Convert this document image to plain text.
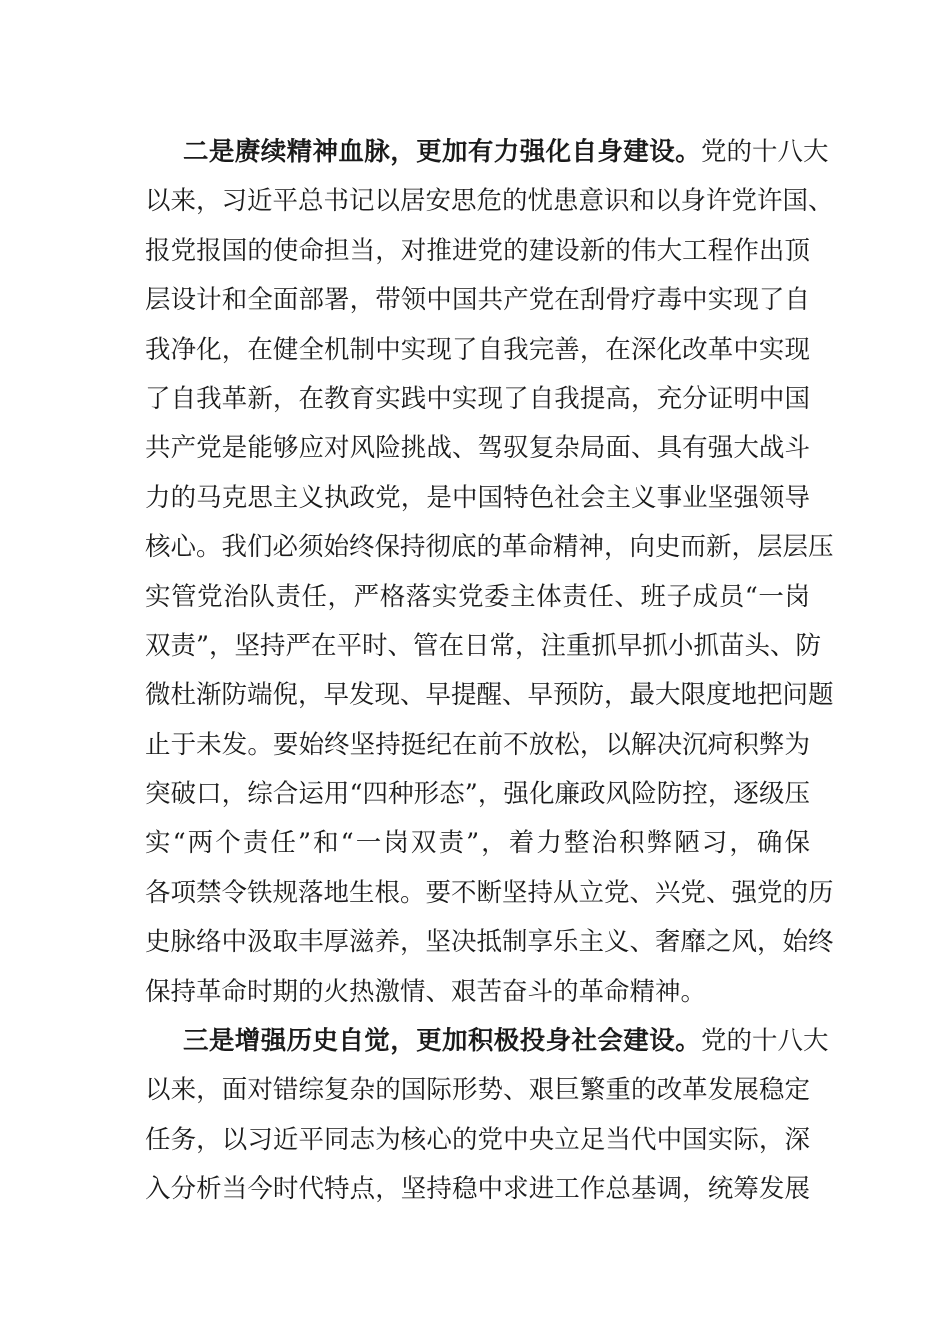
二是赓续精神血脉，更加有力强化自身建设。党的十八大
以来，习近平总书记以居安思危的忧患意识和以身许党许国、
报党报国的使命担当，对推进党的建设新的伟大工程作出顶
层设计和全面部署，带领中国共产党在刮骨疗毒中实现了自
我净化，在健全机制中实现了自我完善，在深化改革中实现
了自我革新，在教育实践中实现了自我提高，充分证明中国
共产党是能够应对风险挑战、驾驭复杂局面、具有强大战斗
力的马克思主义执政党，是中国特色社会主义事业坚强领导
核心。我们必须始终保持彻底的革命精神，向史而新，层层压
实管党治队责任，严格落实党委主体责任、班子成员“一岗
双责”，坚持严在平时、管在日常，注重抓早抓小抓苗头、防
微杜渐防端倪，早发现、早提醒、早预防，最大限度地把问题
止于未发。要始终坚持挺纪在前不放松，以解决沉疴积弊为
突破口，综合运用“四种形态”，强化廉政风险防控，逐级压
实“两个责任”和“一岗双责”，着力整治积弊陋习，确保
各项禁令铁规落地生根。要不断坚持从立党、兴党、强党的历
史脉络中汲取丰厚滋养，坚决抵制享乐主义、奢靡之风，始终
保持革命时期的火热激情、艰苦奋斗的革命精神。
三是增强历史自觉，更加积极投身社会建设。党的十八大
以来，面对错综复杂的国际形势、艰巨繁重的改革发展稳定
任务，以习近平同志为核心的党中央立足当代中国实际，深
入分析当今时代特点，坚持稳中求进工作总基调，统筹发展
